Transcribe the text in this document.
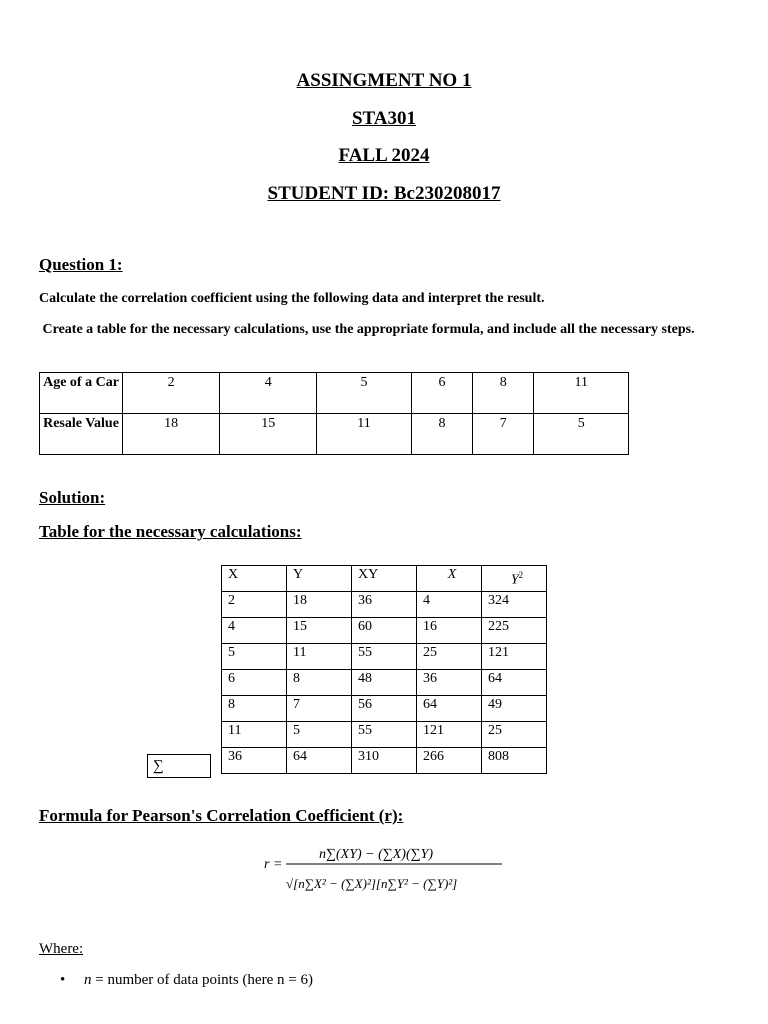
ASSINGMENT NO 1
STA301
FALL 2024
STUDENT ID: Bc230208017
Question 1:
Calculate the correlation coefficient using the following data and interpret the result.
Create a table for the necessary calculations, use the appropriate formula, and include all the necessary steps.
Age of a Car	2	4	5	6	8	11
Resale Value	18	15	11	8	7	5
Solution:
Table for the necessary calculations:
X	Y	XY	X	$Y^2$
2	18	36	4	324
4	15	60	16	225
5	11	55	25	121
6	8	48	36	64
8	7	56	64	49
11	5	55	121	25
36	64	310	266	808
∑
Formula for Pearson's Correlation Coefficient (r):
r =
n∑(XY) − (∑X)(∑Y)
√[n∑X² − (∑X)²][n∑Y² − (∑Y)²]
Where:
• n = number of data points (here n = 6)
